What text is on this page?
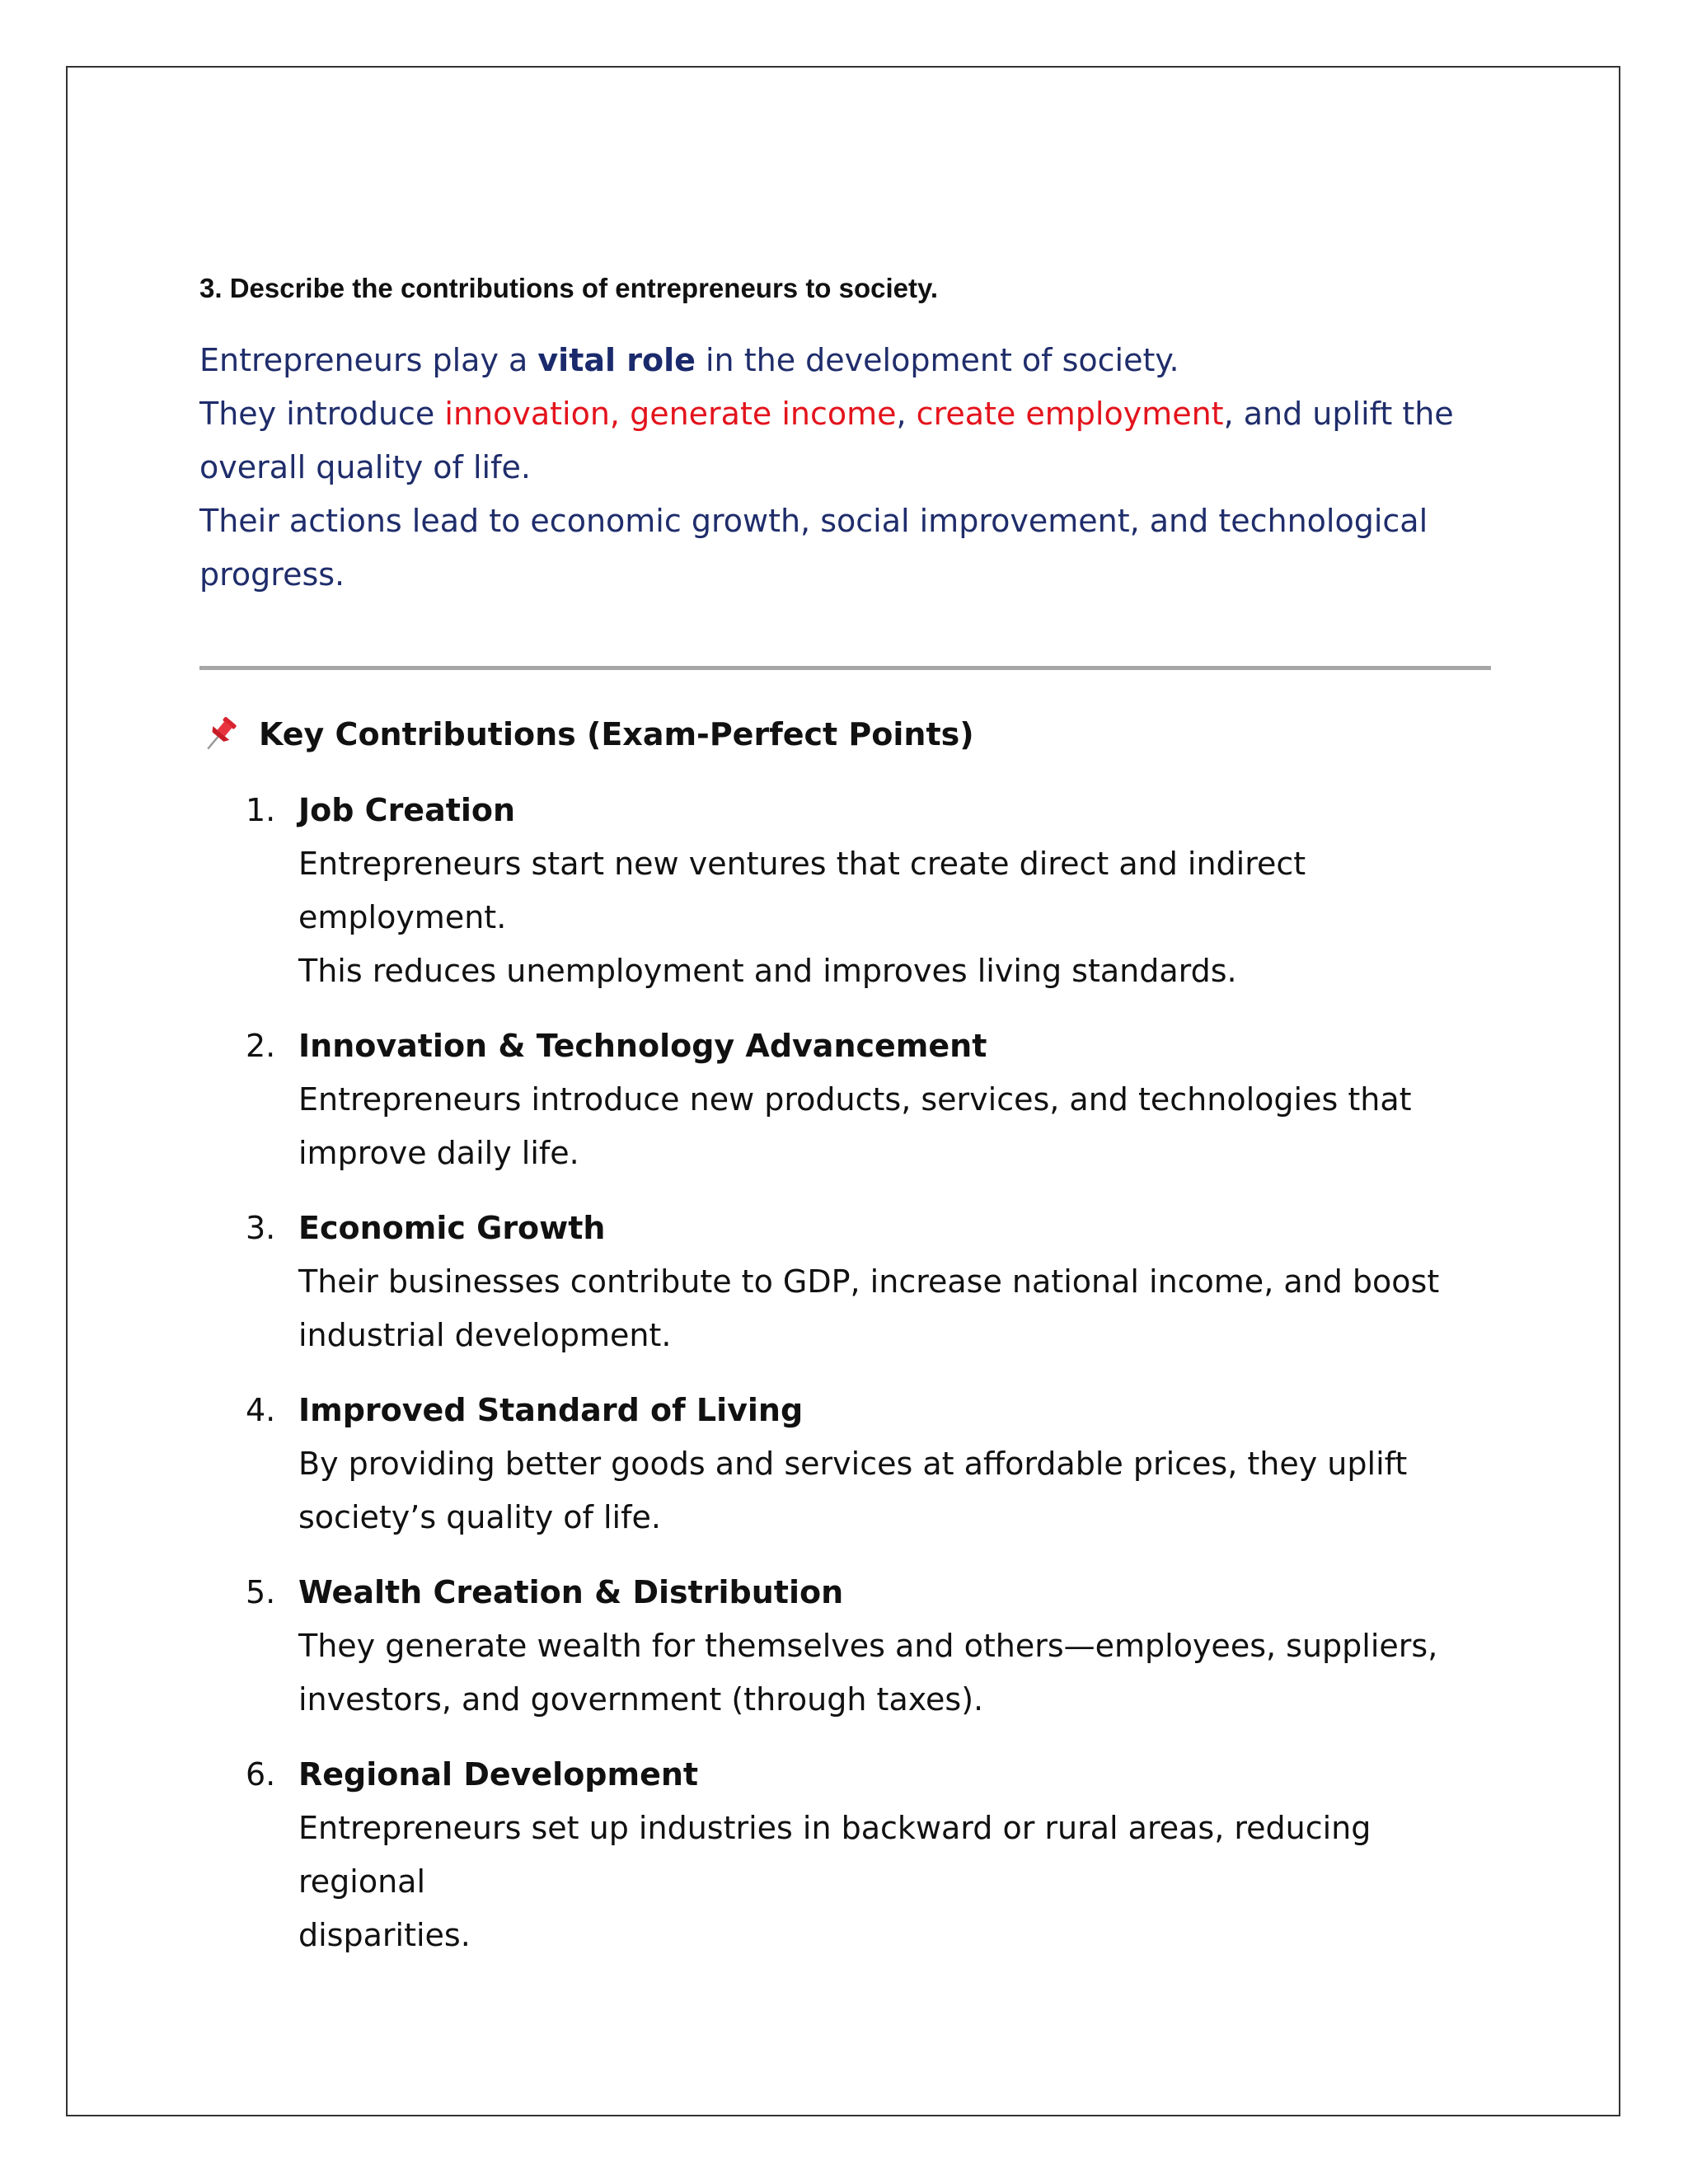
3. Describe the contributions of entrepreneurs to society.

Entrepreneurs play a vital role in the development of society.

They introduce innovation, generate income, create employment, and uplift the

overall quality of life.

Their actions lead to economic growth, social improvement, and technological

progress.

Key Contributions (Exam-Perfect Points)
1. Job Creation
Entrepreneurs start new ventures that create direct and indirect
employment.
This reduces unemployment and improves living standards.
2. Innovation & Technology Advancement
Entrepreneurs introduce new products, services, and technologies that
improve daily life.
3. Economic Growth
Their businesses contribute to GDP, increase national income, and boost
industrial development.
4. Improved Standard of Living
By providing better goods and services at affordable prices, they uplift
society’s quality of life.
5. Wealth Creation & Distribution
They generate wealth for themselves and others—employees, suppliers,
investors, and government (through taxes).
6. Regional Development
Entrepreneurs set up industries in backward or rural areas, reducing regional
disparities.
